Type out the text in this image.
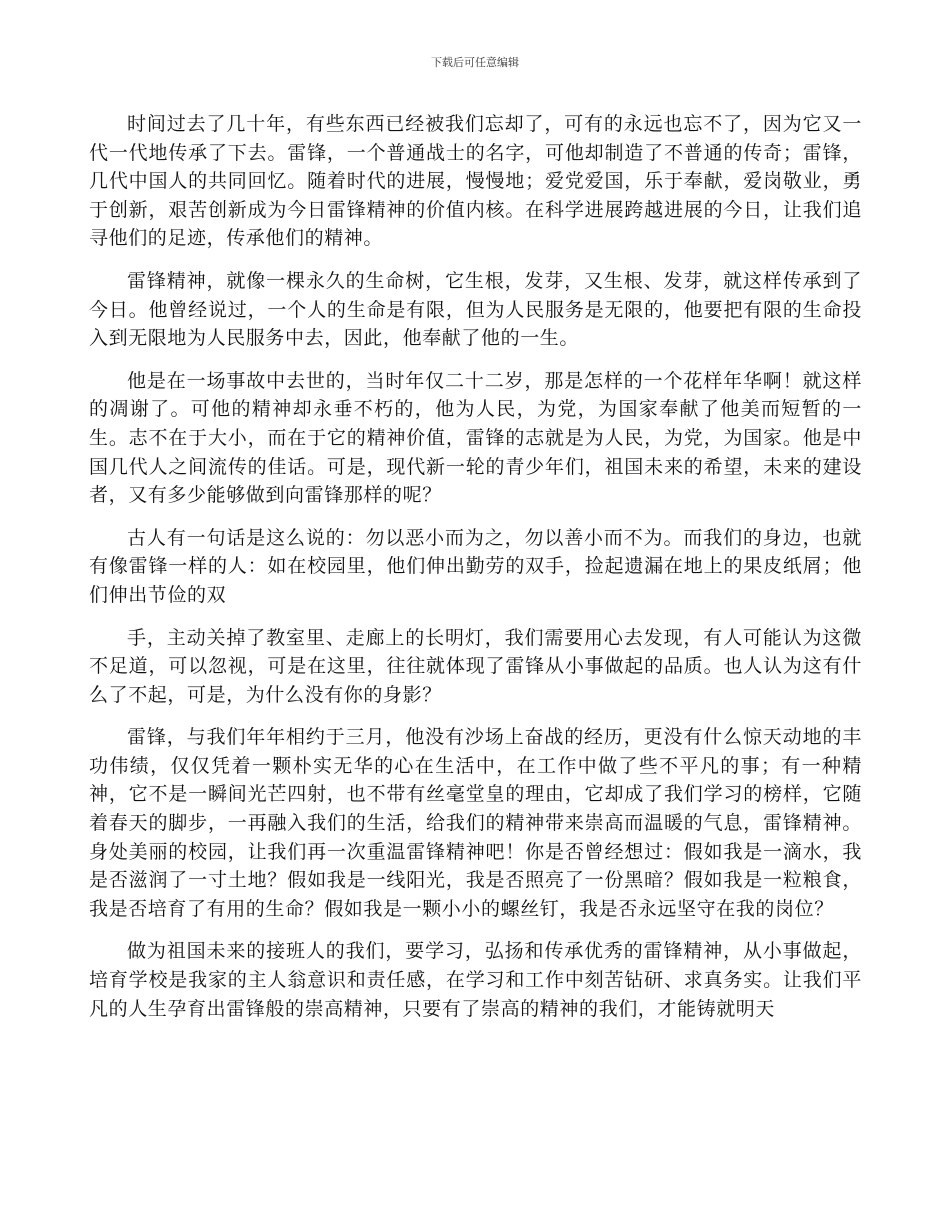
下载后可任意编辑

时间过去了几十年，有些东西已经被我们忘却了，可有的永远也忘不了，因为它又一代一代地传承了下去。雷锋，一个普通战士的名字，可他却制造了不普通的传奇；雷锋，几代中国人的共同回忆。随着时代的进展，慢慢地；爱党爱国，乐于奉献，爱岗敬业，勇于创新，艰苦创新成为今日雷锋精神的价值内核。在科学进展跨越进展的今日，让我们追寻他们的足迹，传承他们的精神。

雷锋精神，就像一棵永久的生命树，它生根，发芽，又生根、发芽，就这样传承到了今日。他曾经说过，一个人的生命是有限，但为人民服务是无限的，他要把有限的生命投入到无限地为人民服务中去，因此，他奉献了他的一生。

他是在一场事故中去世的，当时年仅二十二岁，那是怎样的一个花样年华啊！就这样的凋谢了。可他的精神却永垂不朽的，他为人民，为党，为国家奉献了他美而短暂的一生。志不在于大小，而在于它的精神价值，雷锋的志就是为人民，为党，为国家。他是中国几代人之间流传的佳话。可是，现代新一轮的青少年们，祖国未来的希望，未来的建设者，又有多少能够做到向雷锋那样的呢？

古人有一句话是这么说的：勿以恶小而为之，勿以善小而不为。而我们的身边，也就有像雷锋一样的人：如在校园里，他们伸出勤劳的双手，捡起遗漏在地上的果皮纸屑；他们伸出节俭的双

手，主动关掉了教室里、走廊上的长明灯，我们需要用心去发现，有人可能认为这微不足道，可以忽视，可是在这里，往往就体现了雷锋从小事做起的品质。也人认为这有什么了不起，可是，为什么没有你的身影？

雷锋，与我们年年相约于三月，他没有沙场上奋战的经历，更没有什么惊天动地的丰功伟绩，仅仅凭着一颗朴实无华的心在生活中，在工作中做了些不平凡的事；有一种精神，它不是一瞬间光芒四射，也不带有丝毫堂皇的理由，它却成了我们学习的榜样，它随着春天的脚步，一再融入我们的生活，给我们的精神带来崇高而温暖的气息，雷锋精神。身处美丽的校园，让我们再一次重温雷锋精神吧！你是否曾经想过：假如我是一滴水，我是否滋润了一寸土地？假如我是一线阳光，我是否照亮了一份黑暗？假如我是一粒粮食，我是否培育了有用的生命？假如我是一颗小小的螺丝钉，我是否永远坚守在我的岗位？

做为祖国未来的接班人的我们，要学习，弘扬和传承优秀的雷锋精神，从小事做起，培育学校是我家的主人翁意识和责任感，在学习和工作中刻苦钻研、求真务实。让我们平凡的人生孕育出雷锋般的崇高精神，只要有了崇高的精神的我们，才能铸就明天
